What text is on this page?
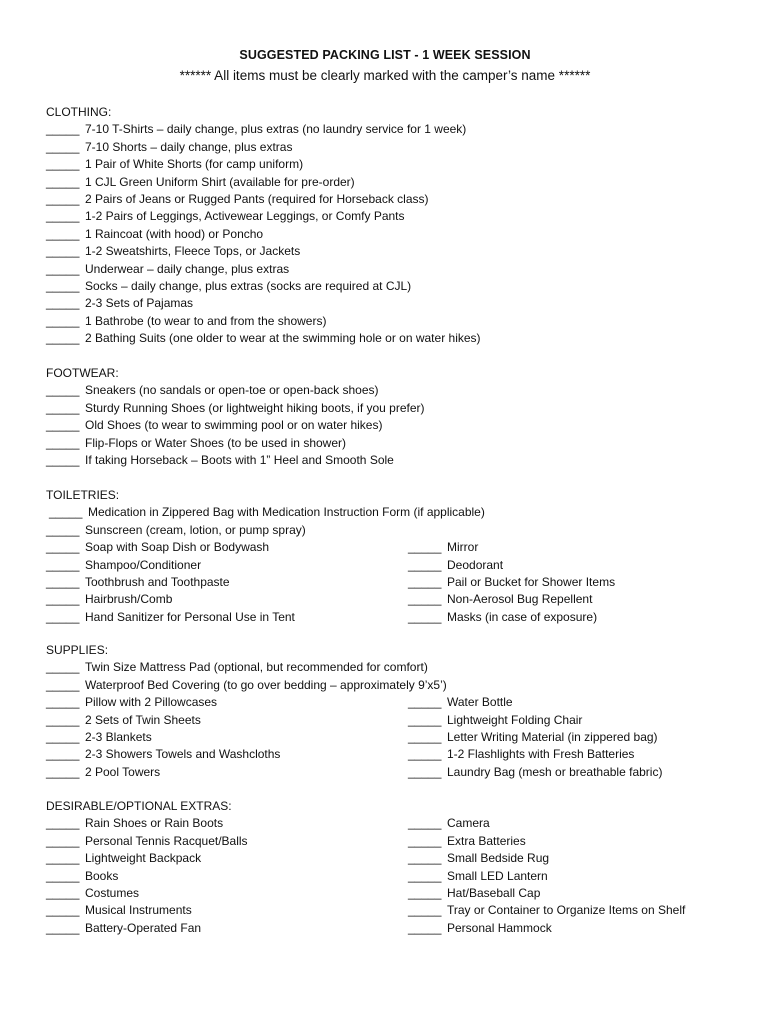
SUGGESTED PACKING LIST - 1 WEEK SESSION
****** All items must be clearly marked with the camper’s name ******
CLOTHING:
_____ 7-10 T-Shirts – daily change, plus extras (no laundry service for 1 week)
_____ 7-10 Shorts – daily change, plus extras
_____ 1 Pair of White Shorts (for camp uniform)
_____ 1 CJL Green Uniform Shirt (available for pre-order)
_____ 2 Pairs of Jeans or Rugged Pants (required for Horseback class)
_____ 1-2 Pairs of Leggings, Activewear Leggings, or Comfy Pants
_____ 1 Raincoat (with hood) or Poncho
_____ 1-2 Sweatshirts, Fleece Tops, or Jackets
_____ Underwear – daily change, plus extras
_____ Socks – daily change, plus extras (socks are required at CJL)
_____ 2-3 Sets of Pajamas
_____ 1 Bathrobe (to wear to and from the showers)
_____ 2 Bathing Suits (one older to wear at the swimming hole or on water hikes)
FOOTWEAR:
_____ Sneakers (no sandals or open-toe or open-back shoes)
_____ Sturdy Running Shoes (or lightweight hiking boots, if you prefer)
_____ Old Shoes (to wear to swimming pool or on water hikes)
_____ Flip-Flops or Water Shoes (to be used in shower)
_____ If taking Horseback – Boots with 1” Heel and Smooth Sole
TOILETRIES:
_____ Medication in Zippered Bag with Medication Instruction Form (if applicable)
_____ Sunscreen (cream, lotion, or pump spray)
_____ Soap with Soap Dish or Bodywash	_____ Mirror
_____ Shampoo/Conditioner	_____ Deodorant
_____ Toothbrush and Toothpaste	_____ Pail or Bucket for Shower Items
_____ Hairbrush/Comb	_____ Non-Aerosol Bug Repellent
_____ Hand Sanitizer for Personal Use in Tent	_____ Masks (in case of exposure)
SUPPLIES:
_____ Twin Size Mattress Pad (optional, but recommended for comfort)
_____ Waterproof Bed Covering (to go over bedding – approximately 9’x5’)
_____ Pillow with 2 Pillowcases	_____ Water Bottle
_____ 2 Sets of Twin Sheets	_____ Lightweight Folding Chair
_____ 2-3 Blankets	_____ Letter Writing Material (in zippered bag)
_____ 2-3 Showers Towels and Washcloths	_____ 1-2 Flashlights with Fresh Batteries
_____ 2 Pool Towers	_____ Laundry Bag (mesh or breathable fabric)
DESIRABLE/OPTIONAL EXTRAS:
_____ Rain Shoes or Rain Boots	_____ Camera
_____ Personal Tennis Racquet/Balls	_____ Extra Batteries
_____ Lightweight Backpack	_____ Small Bedside Rug
_____ Books	_____ Small LED Lantern
_____ Costumes	_____ Hat/Baseball Cap
_____ Musical Instruments	_____ Tray or Container to Organize Items on Shelf
_____ Battery-Operated Fan	_____ Personal Hammock
